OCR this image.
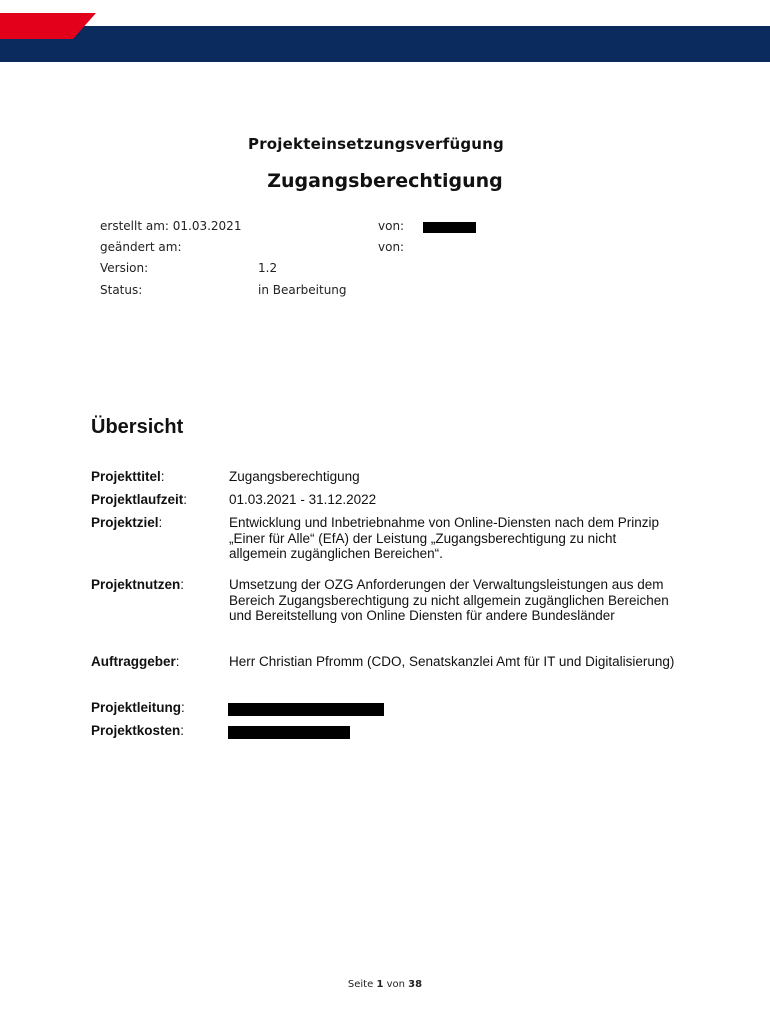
Projekteinsetzungsverfügung
Zugangsberechtigung
erstellt am: 01.03.2021	von:
geändert am:	von:
Version:	1.2
Status:	in Bearbeitung
Übersicht
Projekttitel:	Zugangsberechtigung
Projektlaufzeit:	01.03.2021 - 31.12.2022
Projektziel:	Entwicklung und Inbetriebnahme von Online-Diensten nach dem Prinzip „Einer für Alle“ (EfA) der Leistung „Zugangsberechtigung zu nicht allgemein zugänglichen Bereichen“.
Projektnutzen:	Umsetzung der OZG Anforderungen der Verwaltungsleistungen aus dem Bereich Zugangsberechtigung zu nicht allgemein zugänglichen Bereichen und Bereitstellung von Online Diensten für andere Bundesländer
Auftraggeber:	Herr Christian Pfromm (CDO, Senatskanzlei Amt für IT und Digitalisierung)
Projektleitung:
Projektkosten:
Seite 1 von 38
